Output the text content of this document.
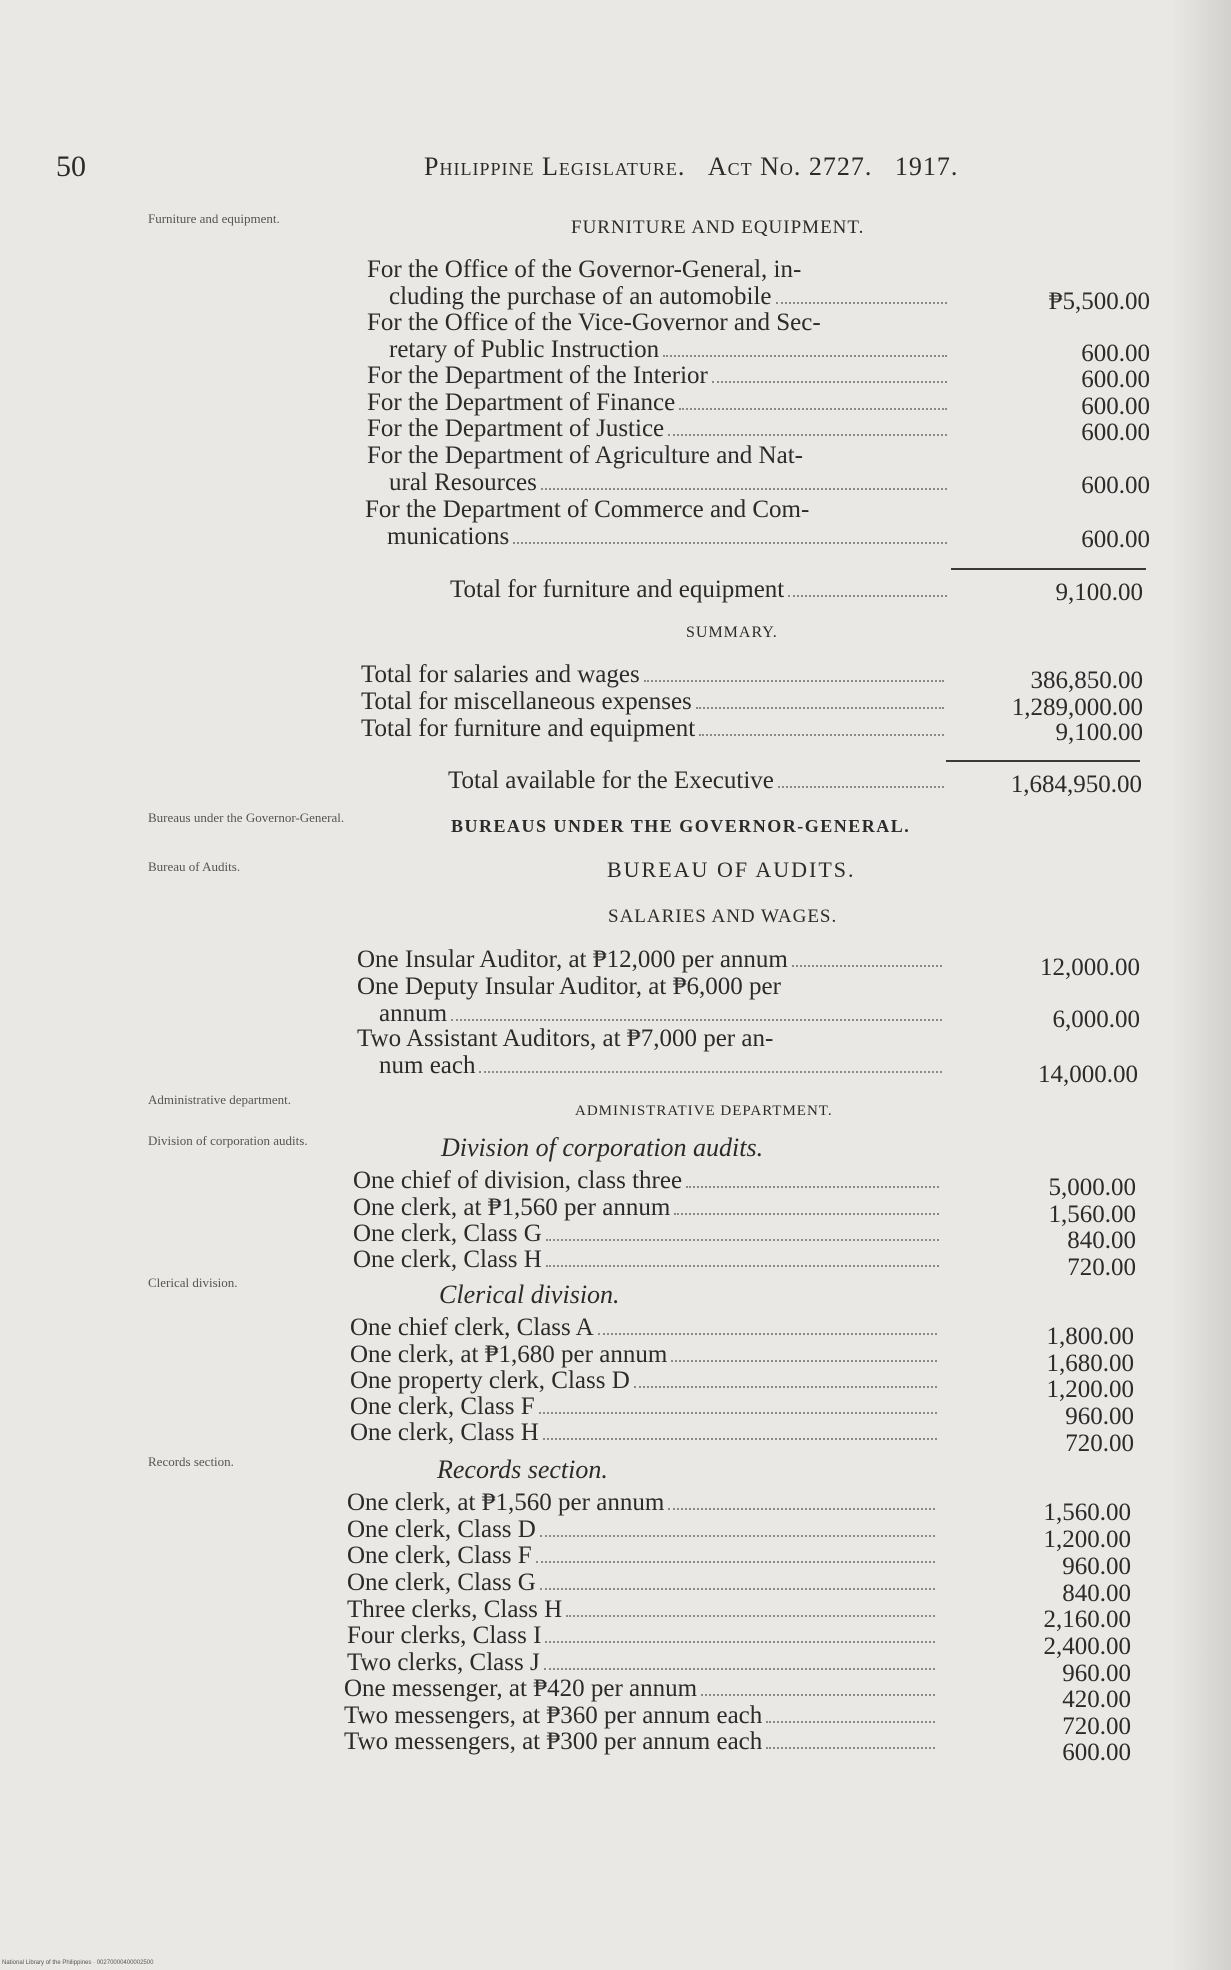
50	Philippine Legislature. Act No. 2727. 1917.
Furniture and equipment.
Bureaus under the Governor-General.
Bureau of Audits.
Administrative department.
Division of corporation audits.
Clerical division.
Records section.
FURNITURE AND EQUIPMENT.
For the Office of the Governor-General, in-
cluding the purchase of an automobile	₱5,500.00
For the Office of the Vice-Governor and Sec-
retary of Public Instruction	600.00
For the Department of the Interior	600.00
For the Department of Finance	600.00
For the Department of Justice	600.00
For the Department of Agriculture and Nat-
ural Resources	600.00
For the Department of Commerce and Com-
munications	600.00
Total for furniture and equipment	9,100.00
SUMMARY.
Total for salaries and wages	386,850.00
Total for miscellaneous expenses	1,289,000.00
Total for furniture and equipment	9,100.00
Total available for the Executive	1,684,950.00
BUREAUS UNDER THE GOVERNOR-GENERAL.
BUREAU OF AUDITS.
SALARIES AND WAGES.
One Insular Auditor, at ₱12,000 per annum	12,000.00
One Deputy Insular Auditor, at ₱6,000 per
annum	6,000.00
Two Assistant Auditors, at ₱7,000 per an-
num each	14,000.00
ADMINISTRATIVE DEPARTMENT.
Division of corporation audits.
One chief of division, class three	5,000.00
One clerk, at ₱1,560 per annum	1,560.00
One clerk, Class G	840.00
One clerk, Class H	720.00
Clerical division.
One chief clerk, Class A	1,800.00
One clerk, at ₱1,680 per annum	1,680.00
One property clerk, Class D	1,200.00
One clerk, Class F	960.00
One clerk, Class H	720.00
Records section.
One clerk, at ₱1,560 per annum	1,560.00
One clerk, Class D	1,200.00
One clerk, Class F	960.00
One clerk, Class G	840.00
Three clerks, Class H	2,160.00
Four clerks, Class I	2,400.00
Two clerks, Class J	960.00
One messenger, at ₱420 per annum	420.00
Two messengers, at ₱360 per annum each	720.00
Two messengers, at ₱300 per annum each	600.00
National Library of the Philippines · 00270000400002500
